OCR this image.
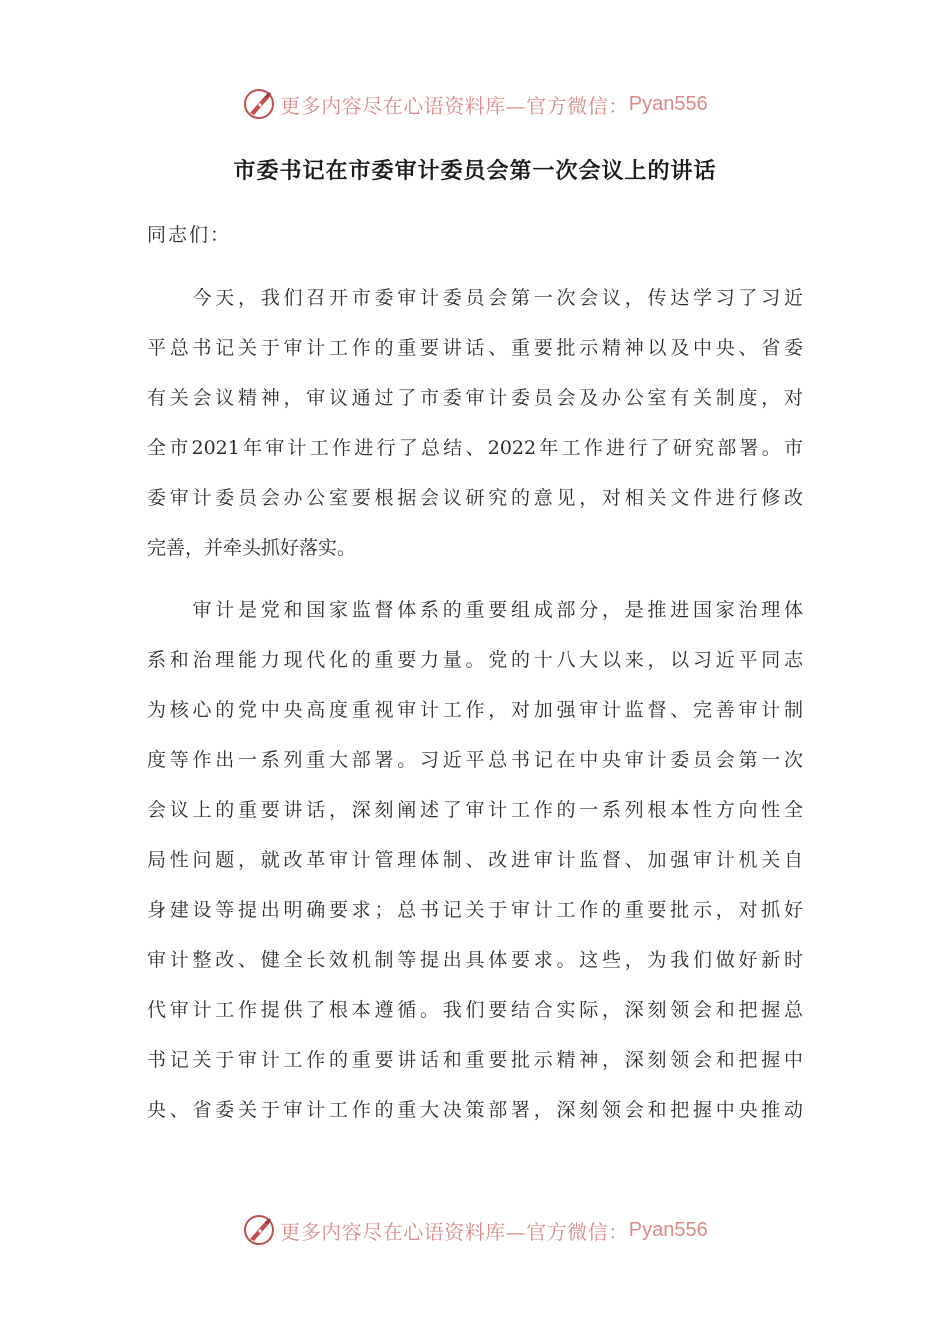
更多内容尽在心语资料库—官方微信： Pyan556
市委书记在市委审计委员会第一次会议上的讲话
同志们：
　　今天，我们召开市委审计委员会第一次会议，传达学习了习近
平总书记关于审计工作的重要讲话、重要批示精神以及中央、省委
有关会议精神，审议通过了市委审计委员会及办公室有关制度，对
全市2021年审计工作进行了总结、2022年工作进行了研究部署。市
委审计委员会办公室要根据会议研究的意见，对相关文件进行修改
完善，并牵头抓好落实。
　　审计是党和国家监督体系的重要组成部分，是推进国家治理体
系和治理能力现代化的重要力量。党的十八大以来，以习近平同志
为核心的党中央高度重视审计工作，对加强审计监督、完善审计制
度等作出一系列重大部署。习近平总书记在中央审计委员会第一次
会议上的重要讲话，深刻阐述了审计工作的一系列根本性方向性全
局性问题，就改革审计管理体制、改进审计监督、加强审计机关自
身建设等提出明确要求；总书记关于审计工作的重要批示，对抓好
审计整改、健全长效机制等提出具体要求。这些，为我们做好新时
代审计工作提供了根本遵循。我们要结合实际，深刻领会和把握总
书记关于审计工作的重要讲话和重要批示精神，深刻领会和把握中
央、省委关于审计工作的重大决策部署，深刻领会和把握中央推动
更多内容尽在心语资料库—官方微信： Pyan556
